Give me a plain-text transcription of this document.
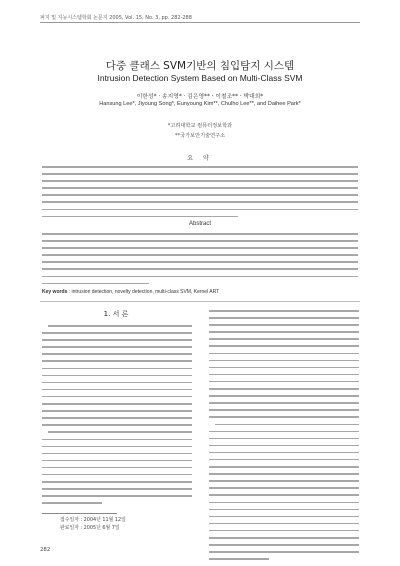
퍼지 및 지능시스템학회 논문지 2005, Vol. 15, No. 3, pp. 282-288
다중 클래스 SVM기반의 침입탐지 시스템
Intrusion Detection System Based on Multi-Class SVM
이한성* · 송지영* · 김은영** · 이철조** · 박대희*
Hansung Lee*, Jiyoung Song*, Eunyoung Kim**, Chulho Lee**, and Daihee Park*
*고려대학교 컴퓨터정보학과
**국가보안기술연구소
요 약
Abstract
Key words : intrusion detection, novelty detection, multi-class SVM, Kernel ART
1. 서 론
접수일자 : 2004년 11월 12일
완료일자 : 2005년 6월 7일
282
